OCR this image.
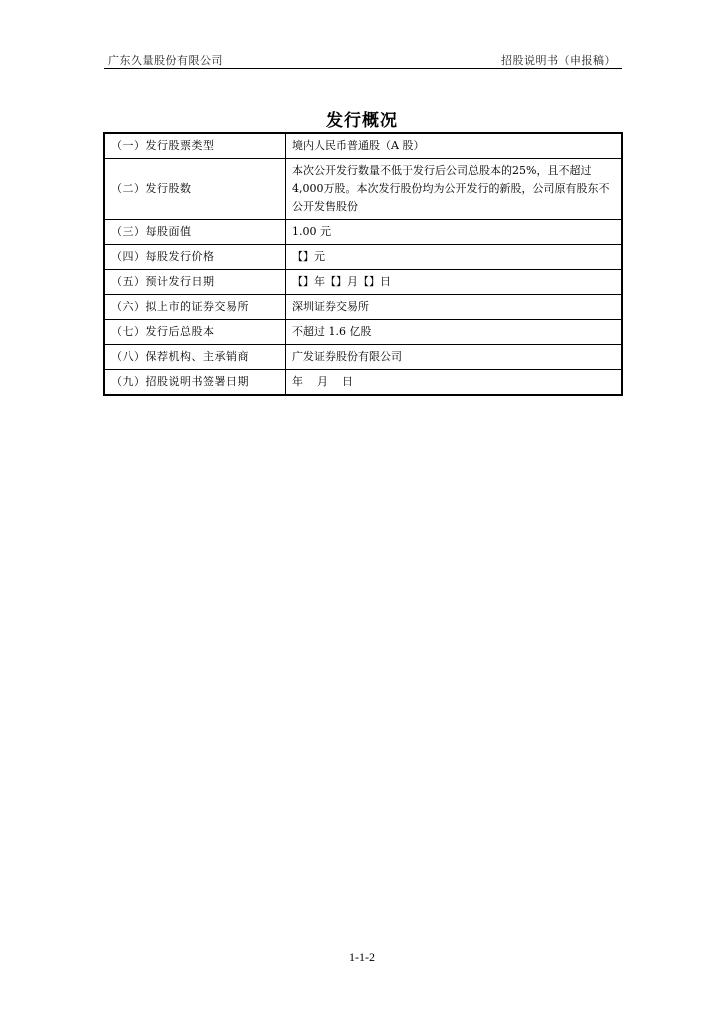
广东久量股份有限公司	招股说明书（申报稿）
发行概况
（一）发行股票类型	境内人民币普通股（A 股）
（二）发行股数	本次公开发行数量不低于发行后公司总股本的25%，且不超过4,000万股。本次发行股份均为公开发行的新股，公司原有股东不公开发售股份
（三）每股面值	1.00 元
（四）每股发行价格	【】元
（五）预计发行日期	【】年【】月【】日
（六）拟上市的证券交易所	深圳证券交易所
（七）发行后总股本	不超过 1.6 亿股
（八）保荐机构、主承销商	广发证券股份有限公司
（九）招股说明书签署日期	年    月    日
1-1-2
